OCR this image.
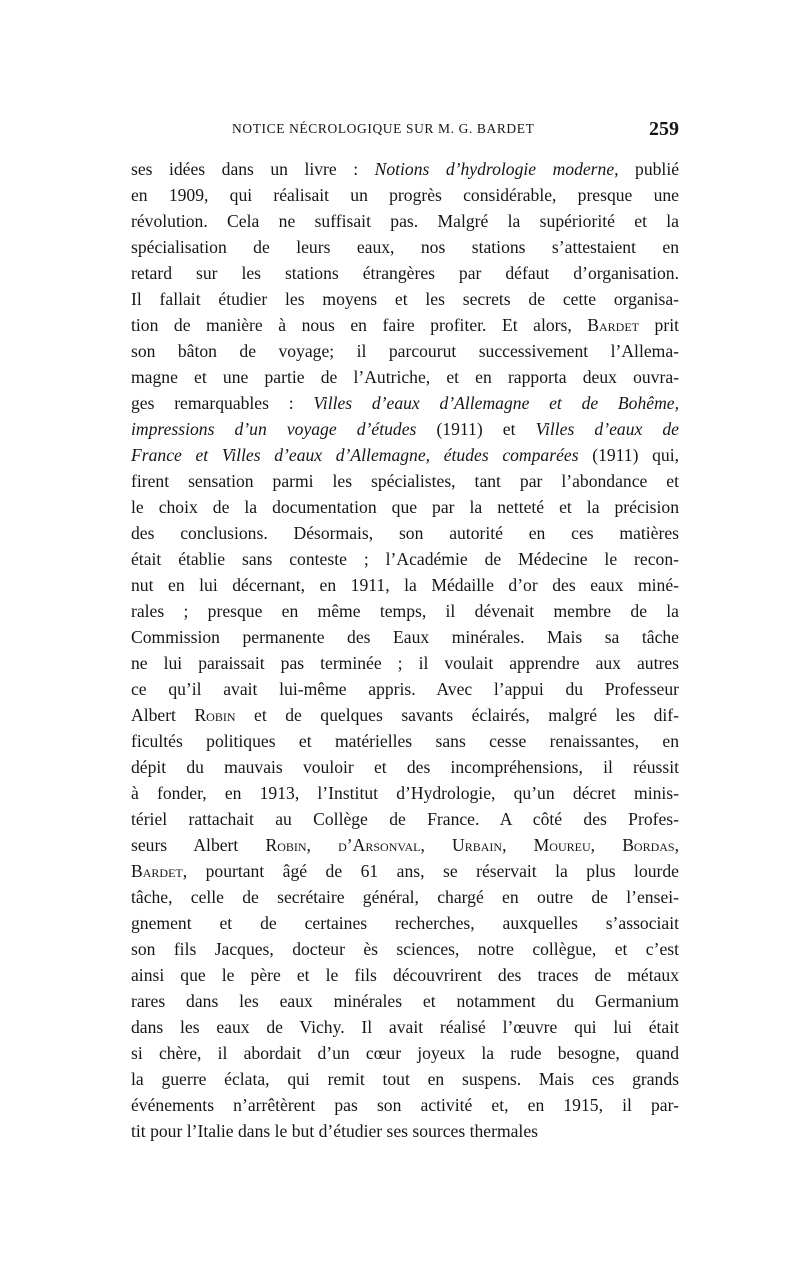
NOTICE NÉCROLOGIQUE SUR M. G. BARDET	259
ses idées dans un livre : Notions d’hydrologie moderne, publié
en 1909, qui réalisait un progrès considérable, presque une
révolution. Cela ne suffisait pas. Malgré la supériorité et la
spécialisation de leurs eaux, nos stations s’attestaient en
retard sur les stations étrangères par défaut d’organisation.
Il fallait étudier les moyens et les secrets de cette organisa-
tion de manière à nous en faire profiter. Et alors, Bardet prit
son bâton de voyage; il parcourut successivement l’Allema-
magne et une partie de l’Autriche, et en rapporta deux ouvra-
ges remarquables : Villes d’eaux d’Allemagne et de Bohême,
impressions d’un voyage d’études (1911) et Villes d’eaux de
France et Villes d’eaux d’Allemagne, études comparées (1911) qui,
firent sensation parmi les spécialistes, tant par l’abondance et
le choix de la documentation que par la netteté et la précision
des conclusions. Désormais, son autorité en ces matières
était établie sans conteste ; l’Académie de Médecine le recon-
nut en lui décernant, en 1911, la Médaille d’or des eaux miné-
rales ; presque en même temps, il dévenait membre de la
Commission permanente des Eaux minérales. Mais sa tâche
ne lui paraissait pas terminée ; il voulait apprendre aux autres
ce qu’il avait lui-même appris. Avec l’appui du Professeur
Albert Robin et de quelques savants éclairés, malgré les dif-
ficultés politiques et matérielles sans cesse renaissantes, en
dépit du mauvais vouloir et des incompréhensions, il réussit
à fonder, en 1913, l’Institut d’Hydrologie, qu’un décret minis-
tériel rattachait au Collège de France. A côté des Profes-
seurs Albert Robin, d’Arsonval, Urbain, Moureu, Bordas,
Bardet, pourtant âgé de 61 ans, se réservait la plus lourde
tâche, celle de secrétaire général, chargé en outre de l’ensei-
gnement et de certaines recherches, auxquelles s’associait
son fils Jacques, docteur ès sciences, notre collègue, et c’est
ainsi que le père et le fils découvrirent des traces de métaux
rares dans les eaux minérales et notamment du Germanium
dans les eaux de Vichy. Il avait réalisé l’œuvre qui lui était
si chère, il abordait d’un cœur joyeux la rude besogne, quand
la guerre éclata, qui remit tout en suspens. Mais ces grands
événements n’arrêtèrent pas son activité et, en 1915, il par-
tit pour l’Italie dans le but d’étudier ses sources thermales
